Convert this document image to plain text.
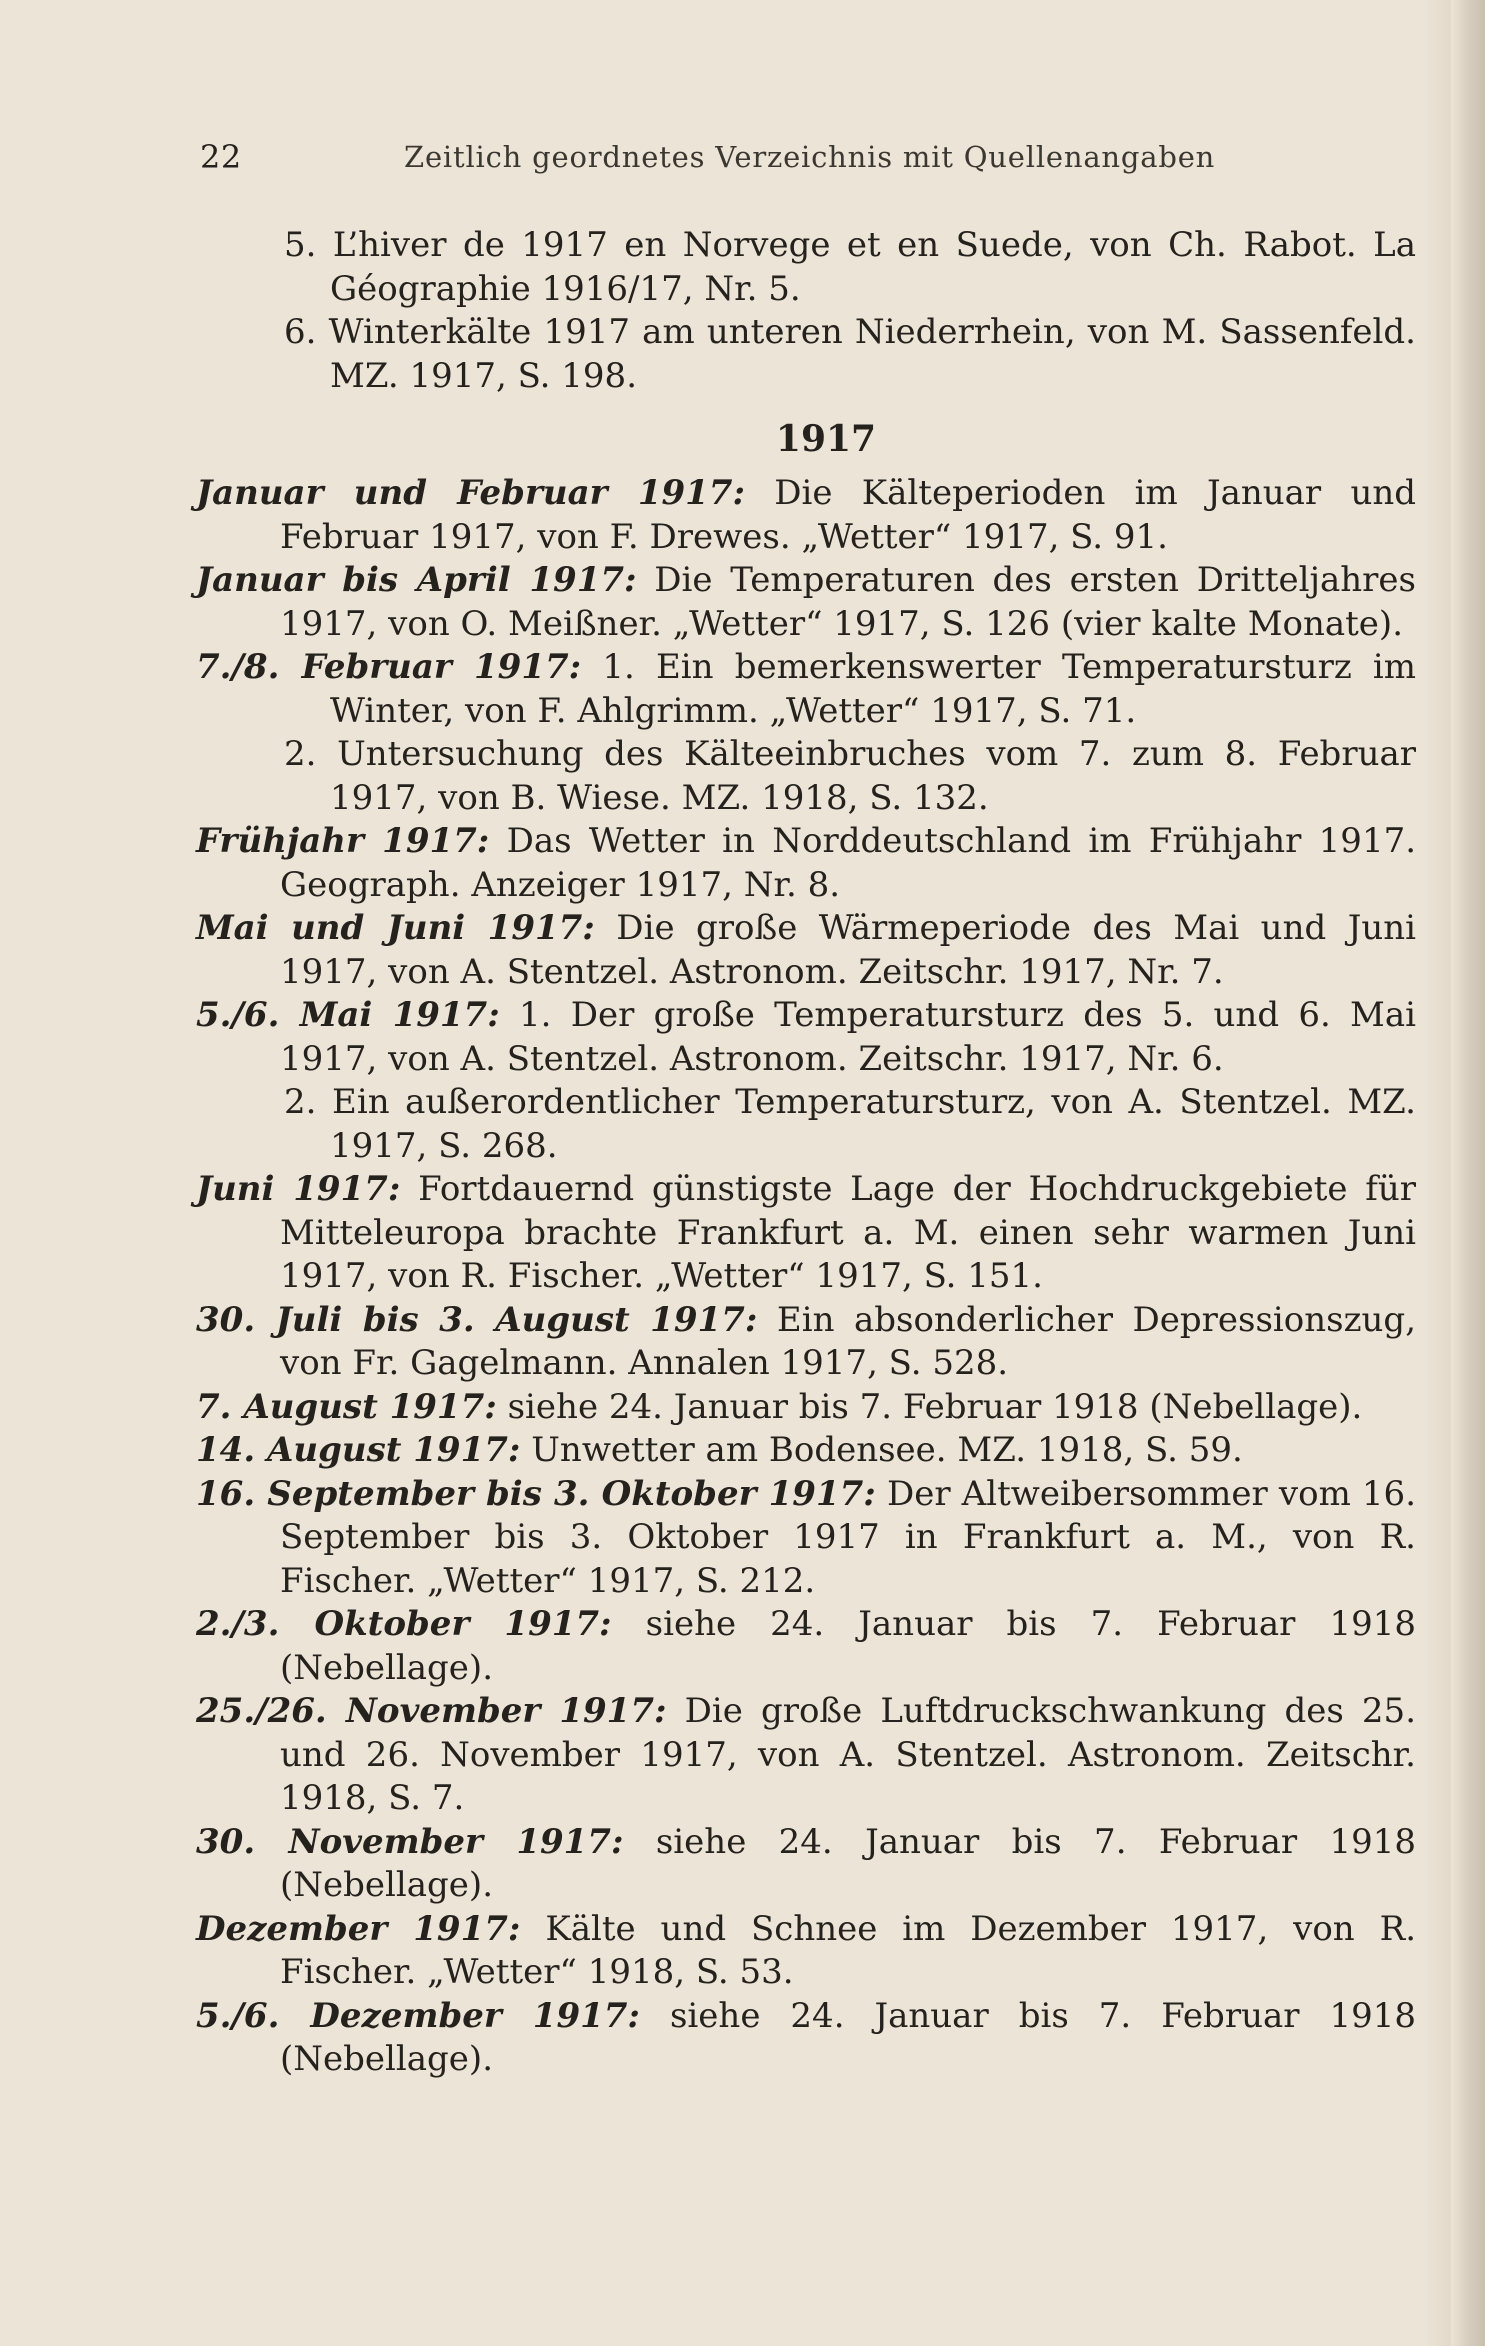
22	Zeitlich geordnetes Verzeichnis mit Quellenangaben
5. L’hiver de 1917 en Norvege et en Suede, von Ch. Rabot. La Géographie 1916/17, Nr. 5.
6. Winterkälte 1917 am unteren Niederrhein, von M. Sassenfeld. MZ. 1917, S. 198.
1917
Januar und Februar 1917: Die Kälteperioden im Januar und Februar 1917, von F. Drewes. „Wetter“ 1917, S. 91.
Januar bis April 1917: Die Temperaturen des ersten Dritteljahres 1917, von O. Meißner. „Wetter“ 1917, S. 126 (vier kalte Monate).
7./8. Februar 1917: 1. Ein bemerkenswerter Temperatursturz im Winter, von F. Ahlgrimm. „Wetter“ 1917, S. 71.
2. Untersuchung des Kälteeinbruches vom 7. zum 8. Februar 1917, von B. Wiese. MZ. 1918, S. 132.
Frühjahr 1917: Das Wetter in Norddeutschland im Frühjahr 1917. Geograph. Anzeiger 1917, Nr. 8.
Mai und Juni 1917: Die große Wärmeperiode des Mai und Juni 1917, von A. Stentzel. Astronom. Zeitschr. 1917, Nr. 7.
5./6. Mai 1917: 1. Der große Temperatursturz des 5. und 6. Mai 1917, von A. Stentzel. Astronom. Zeitschr. 1917, Nr. 6.
2. Ein außerordentlicher Temperatursturz, von A. Stentzel. MZ. 1917, S. 268.
Juni 1917: Fortdauernd günstigste Lage der Hochdruckgebiete für Mitteleuropa brachte Frankfurt a. M. einen sehr warmen Juni 1917, von R. Fischer. „Wetter“ 1917, S. 151.
30. Juli bis 3. August 1917: Ein absonderlicher Depressionszug, von Fr. Gagelmann. Annalen 1917, S. 528.
7. August 1917: siehe 24. Januar bis 7. Februar 1918 (Nebellage).
14. August 1917: Unwetter am Bodensee. MZ. 1918, S. 59.
16. September bis 3. Oktober 1917: Der Altweibersommer vom 16. September bis 3. Oktober 1917 in Frankfurt a. M., von R. Fischer. „Wetter“ 1917, S. 212.
2./3. Oktober 1917: siehe 24. Januar bis 7. Februar 1918 (Nebellage).
25./26. November 1917: Die große Luftdruckschwankung des 25. und 26. November 1917, von A. Stentzel. Astronom. Zeitschr. 1918, S. 7.
30. November 1917: siehe 24. Januar bis 7. Februar 1918 (Nebellage).
Dezember 1917: Kälte und Schnee im Dezember 1917, von R. Fischer. „Wetter“ 1918, S. 53.
5./6. Dezember 1917: siehe 24. Januar bis 7. Februar 1918 (Nebellage).
